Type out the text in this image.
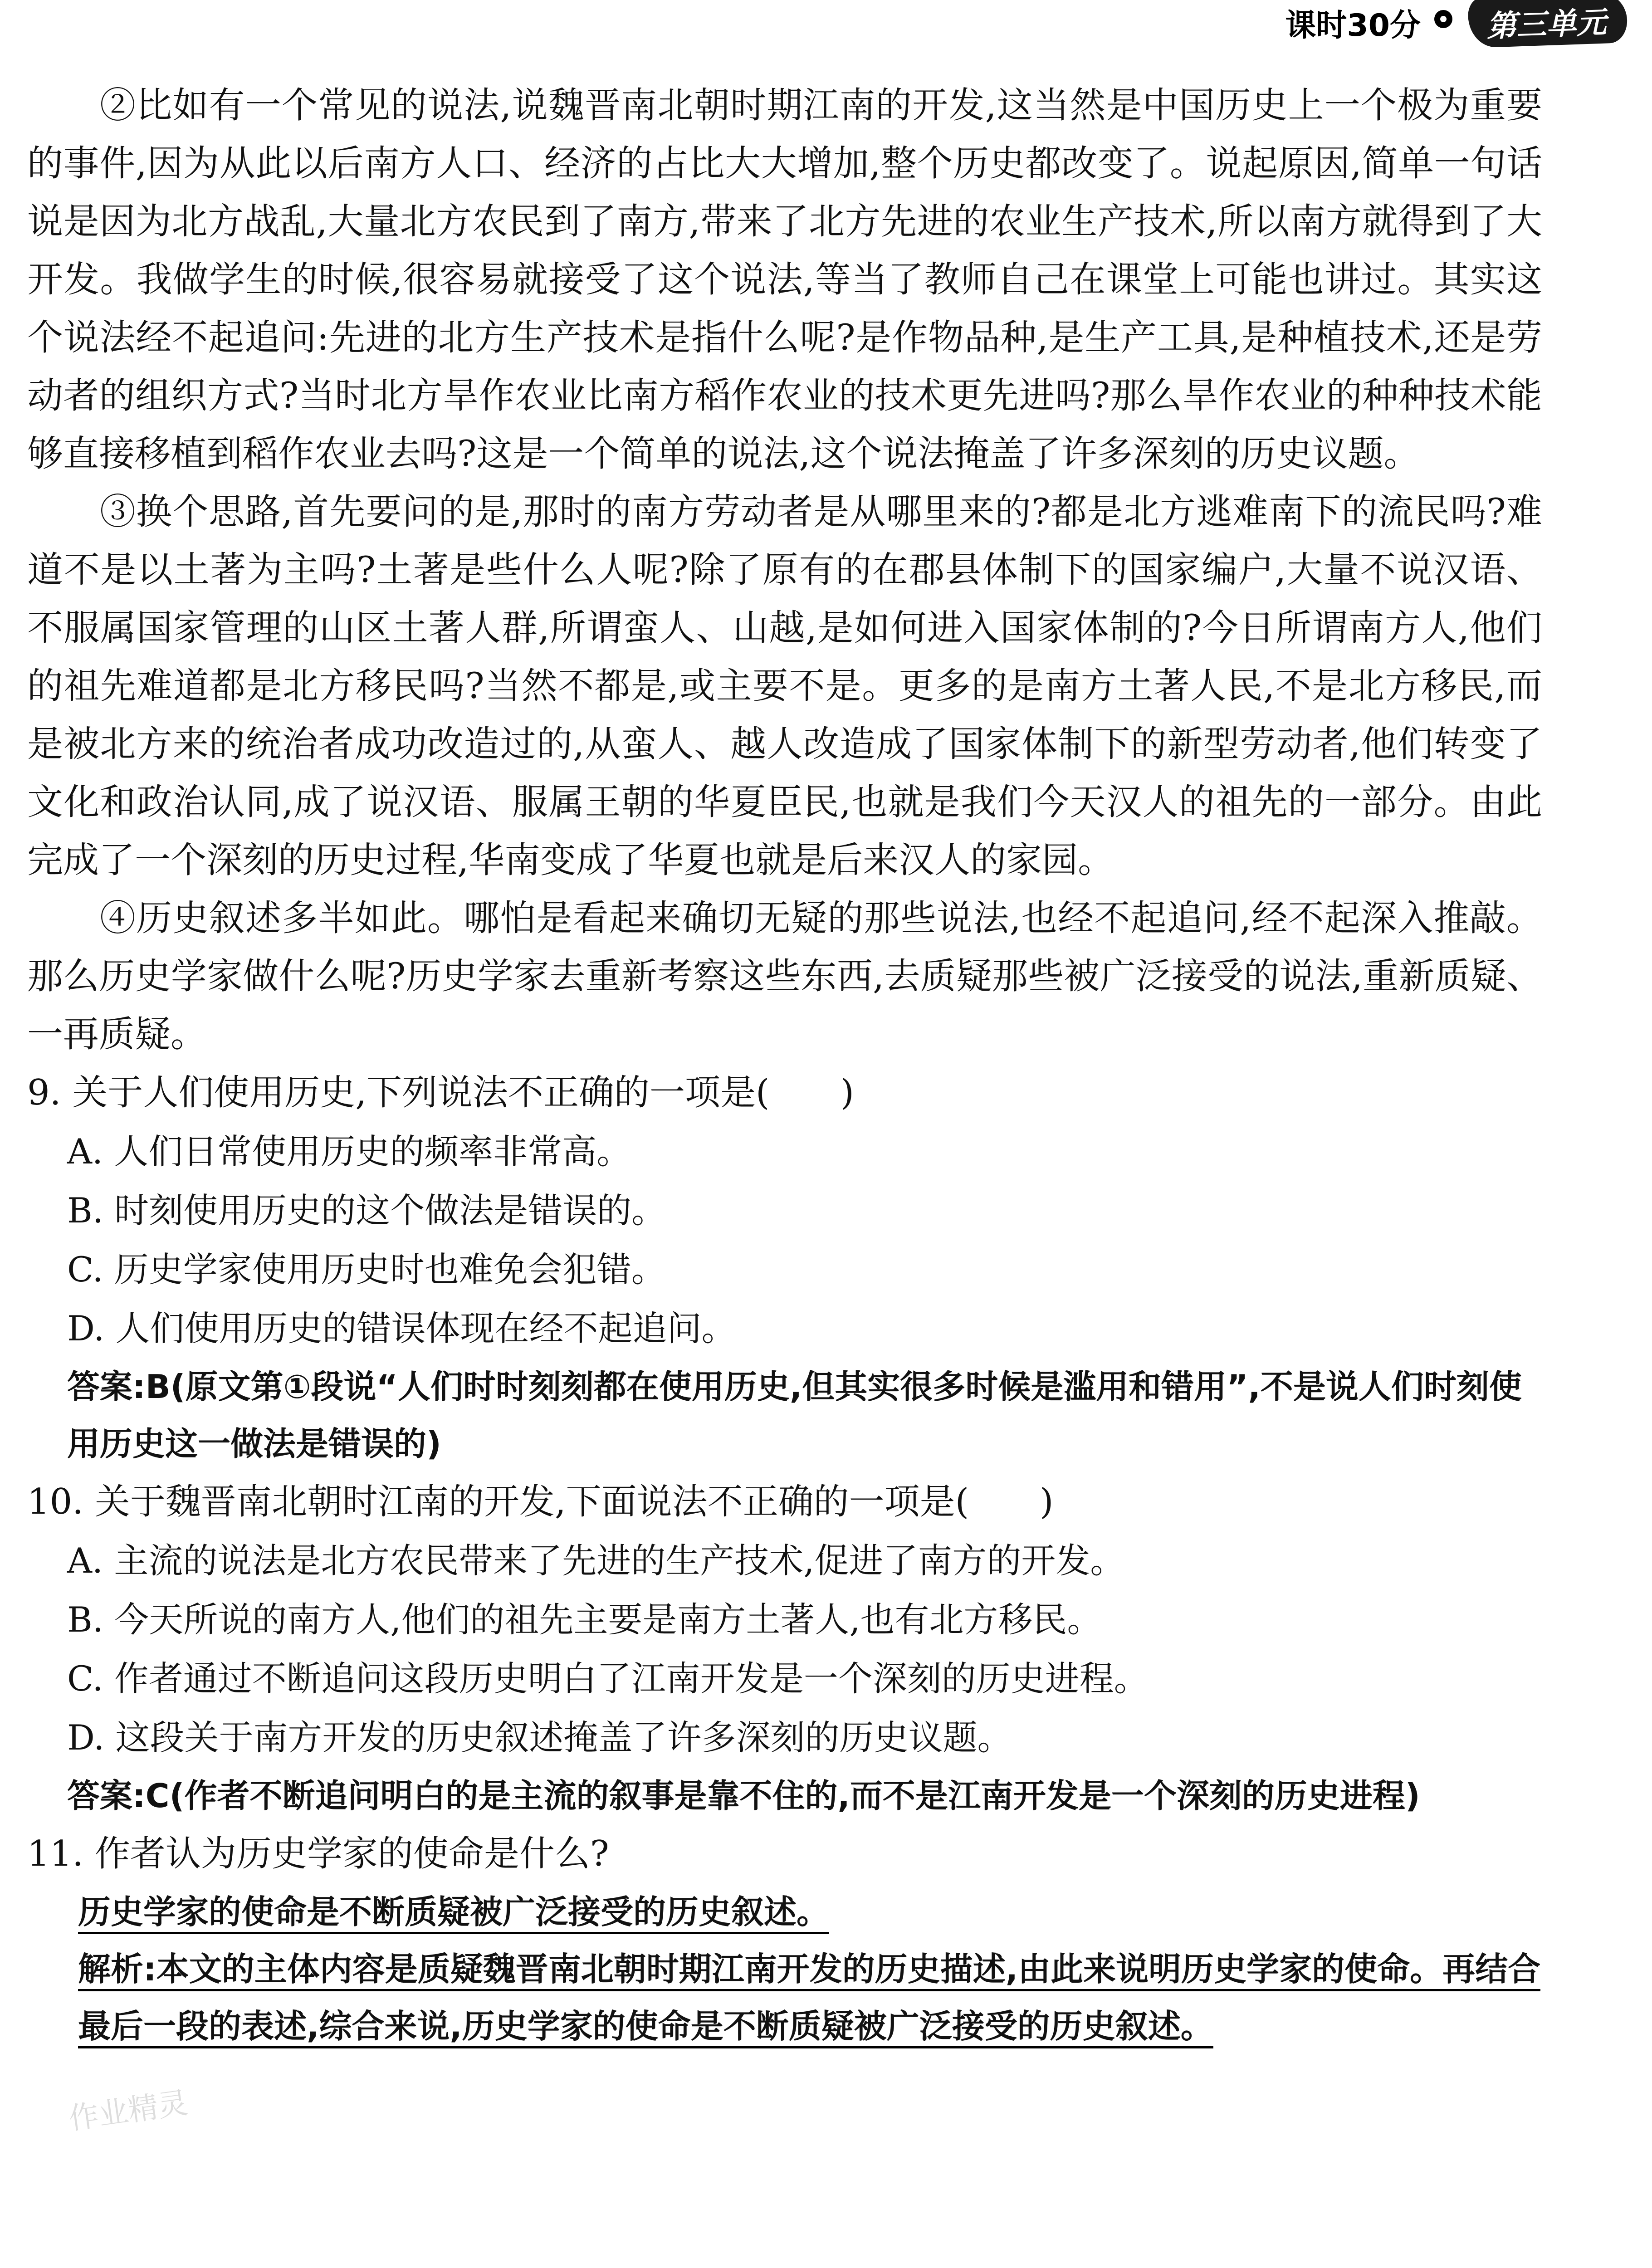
课时30分 第三单元

②比如有一个常见的说法,说魏晋南北朝时期江南的开发,这当然是中国历史上一个极为重要的事件,因为从此以后南方人口、经济的占比大大增加,整个历史都改变了。说起原因,简单一句话说是因为北方战乱,大量北方农民到了南方,带来了北方先进的农业生产技术,所以南方就得到了大开发。我做学生的时候,很容易就接受了这个说法,等当了教师自己在课堂上可能也讲过。其实这个说法经不起追问:先进的北方生产技术是指什么呢?是作物品种,是生产工具,是种植技术,还是劳动者的组织方式?当时北方旱作农业比南方稻作农业的技术更先进吗?那么旱作农业的种种技术能够直接移植到稻作农业去吗?这是一个简单的说法,这个说法掩盖了许多深刻的历史议题。

③换个思路,首先要问的是,那时的南方劳动者是从哪里来的?都是北方逃难南下的流民吗?难道不是以土著为主吗?土著是些什么人呢?除了原有的在郡县体制下的国家编户,大量不说汉语、不服属国家管理的山区土著人群,所谓蛮人、山越,是如何进入国家体制的?今日所谓南方人,他们的祖先难道都是北方移民吗?当然不都是,或主要不是。更多的是南方土著人民,不是北方移民,而是被北方来的统治者成功改造过的,从蛮人、越人改造成了国家体制下的新型劳动者,他们转变了文化和政治认同,成了说汉语、服属王朝的华夏臣民,也就是我们今天汉人的祖先的一部分。由此完成了一个深刻的历史过程,华南变成了华夏也就是后来汉人的家园。

④历史叙述多半如此。哪怕是看起来确切无疑的那些说法,也经不起追问,经不起深入推敲。那么历史学家做什么呢?历史学家去重新考察这些东西,去质疑那些被广泛接受的说法,重新质疑、一再质疑。

9. 关于人们使用历史,下列说法不正确的一项是(　　)

A. 人们日常使用历史的频率非常高。

B. 时刻使用历史的这个做法是错误的。

C. 历史学家使用历史时也难免会犯错。

D. 人们使用历史的错误体现在经不起追问。

答案:B(原文第①段说“人们时时刻刻都在使用历史,但其实很多时候是滥用和错用”,不是说人们时刻使用历史这一做法是错误的)

10. 关于魏晋南北朝时江南的开发,下面说法不正确的一项是(　　)

A. 主流的说法是北方农民带来了先进的生产技术,促进了南方的开发。

B. 今天所说的南方人,他们的祖先主要是南方土著人,也有北方移民。

C. 作者通过不断追问这段历史明白了江南开发是一个深刻的历史进程。

D. 这段关于南方开发的历史叙述掩盖了许多深刻的历史议题。

答案:C(作者不断追问明白的是主流的叙事是靠不住的,而不是江南开发是一个深刻的历史进程)

11. 作者认为历史学家的使命是什么?

历史学家的使命是不断质疑被广泛接受的历史叙述。

解析:本文的主体内容是质疑魏晋南北朝时期江南开发的历史描述,由此来说明历史学家的使命。再结合最后一段的表述,综合来说,历史学家的使命是不断质疑被广泛接受的历史叙述。

作业精灵
